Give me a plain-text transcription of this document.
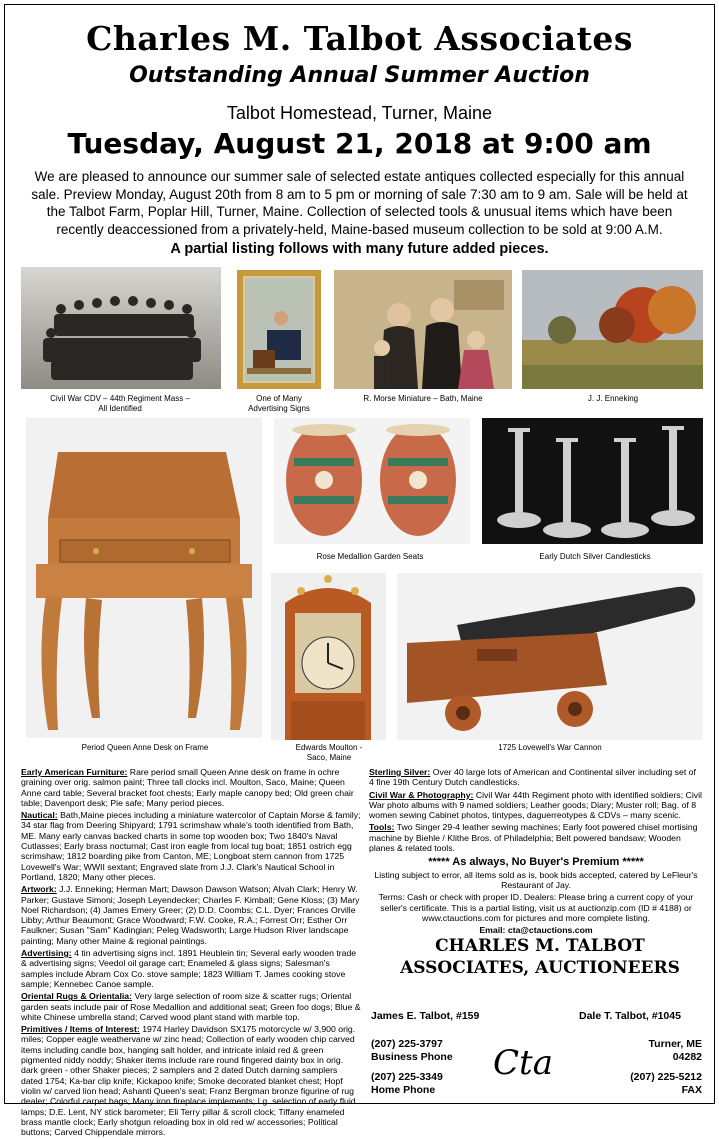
Charles M. Talbot Associates
Outstanding Annual Summer Auction
Talbot Homestead, Turner, Maine
Tuesday, August 21, 2018 at 9:00 am
We are pleased to announce our summer sale of selected estate antiques collected especially for this annual sale. Preview Monday, August 20th from 8 am to 5 pm or morning of sale 7:30 am to 9 am. Sale will be held at the Talbot Farm, Poplar Hill, Turner, Maine. Collection of selected tools & unusual items which have been recently deaccessioned from a privately-held, Maine-based museum collection to be sold at 9:00 A.M.
A partial listing follows with many future added pieces.
Civil War CDV – 44th Regiment Mass – All Identified
One of Many Advertising Signs
R. Morse Miniature – Bath, Maine	J. J. Enneking
Rose Medallion Garden Seats	Early Dutch Silver Candlesticks
Period Queen Anne Desk on Frame	Edwards Moulton - Saco, Maine
1725 Lovewell's War Cannon

Early American Furniture: Rare period small Queen Anne desk on frame in ochre graining over orig. salmon paint; Three tall clocks incl. Moulton, Saco, Maine; Queen Anne card table; Several bracket foot chests; Early maple canopy bed; Old green chair table; Davenport desk; Pie safe; Many period pieces.

Nautical: Bath,Maine pieces including a miniature watercolor of Captain Morse & family; 34 star flag from Deering Shipyard; 1791 scrimshaw whale's tooth identified from Bath, ME. Many early canvas backed charts in some top wooden box; Two 1840's Naval Cutlasses; Early brass nocturnal; Cast iron eagle from local tug boat; 1851 ostrich egg scrimshaw; 1812 boarding pike from Canton, ME; Longboat stern cannon from 1725 Lovewell's War; WWII sextant; Engraved slate from J.J. Clark's Nautical School in Portland, 1820; Many other pieces.

Artwork: J.J. Enneking; Herman Mart; Dawson Dawson Watson; Alvah Clark; Henry W. Parker; Gustave Simoni; Joseph Leyendecker; Charles F. Kimball; Gene Kloss; (3) Mary Noel Richardson; (4) James Emery Greer; (2) D.D. Coombs; C.L. Dyer; Frances Orville Libby; Arthur Beaumont; Grace Woodward; F.W. Cooke, R.A.; Forrest Orr; Esther Orr Faulkner; Susan "Sam" Kadingian; Peleg Wadsworth; Large Hudson River landscape painting; Many other Maine & regional paintings.

Advertising: 4 tin advertising signs incl. 1891 Heublein tin; Several early wooden trade & advertising signs; Veedol oil garage cart; Enameled & glass signs; Salesman's samples include Abram Cox Co. stove sample; 1823 William T. James cooking stove sample; Kennebec Canoe sample.

Oriental Rugs & Orientalia: Very large selection of room size & scatter rugs; Oriental garden seats include pair of Rose Medallion and additional seat; Green foo dogs; Blue & white Chinese umbrella stand; Carved wood plant stand with marble top.

Primitives / Items of Interest: 1974 Harley Davidson SX175 motorcycle w/ 3,900 orig. miles; Copper eagle weathervane w/ zinc head; Collection of early wooden chip carved items including candle box, hanging salt holder, and intricate inlaid red & green pigmented niddy noddy; Shaker items include rare round fingered dainty box in orig. dark green - other Shaker pieces; 2 samplers and 2 dated Dutch darning samplers dated 1754; Ka-bar clip knife; Kickapoo knife; Smoke decorated blanket chest; Hopf violin w/ carved lion head; Ashanti Queen's seat; Franz Bergman bronze figurine of rug dealer; Colorful carpet bags; Many iron fireplace implements; Lg. selection of early fluid lamps; D.E. Lent, NY stick barometer; Eli Terry pillar & scroll clock; Tiffany enameled brass mantle clock; Early shotgun reloading box in old red w/ accessories; Political buttons; Carved Chippendale mirrors.

Sterling Silver: Over 40 large lots of American and Continental silver including set of 4 fine 19th Century Dutch candlesticks.

Civil War & Photography: Civil War 44th Regiment photo with identified soldiers; Civil War photo albums with 9 named soldiers; Leather goods; Diary; Muster roll; Bag. of 8 women sewing Cabinet photos, tintypes, daguerreotypes & CDVs – many scenic.

Tools: Two Singer 29-4 leather sewing machines; Early foot powered chisel mortising machine by Biehle / Klithe Bros. of Philadelphia; Belt powered bandsaw; Wooden planes & related tools.

***** As always, No Buyer's Premium *****

Listing subject to error, all items sold as is, book bids accepted, catered by LeFleur's Restaurant of Jay.

Terms: Cash or check with proper ID. Dealers: Please bring a current copy of your seller's certificate. This is a partial listing, visit us at auctionzip.com (ID # 4188) or www.ctauctions.com for pictures and more complete listing.

Email: cta@ctauctions.com

CHARLES M. TALBOT
ASSOCIATES, AUCTIONEERS
James E. Talbot, #159	Dale T. Talbot, #1045
(207) 225-3797
Business Phone
Turner, ME
04282
(207) 225-3349
Home Phone
(207) 225-5212
FAX
Cta
